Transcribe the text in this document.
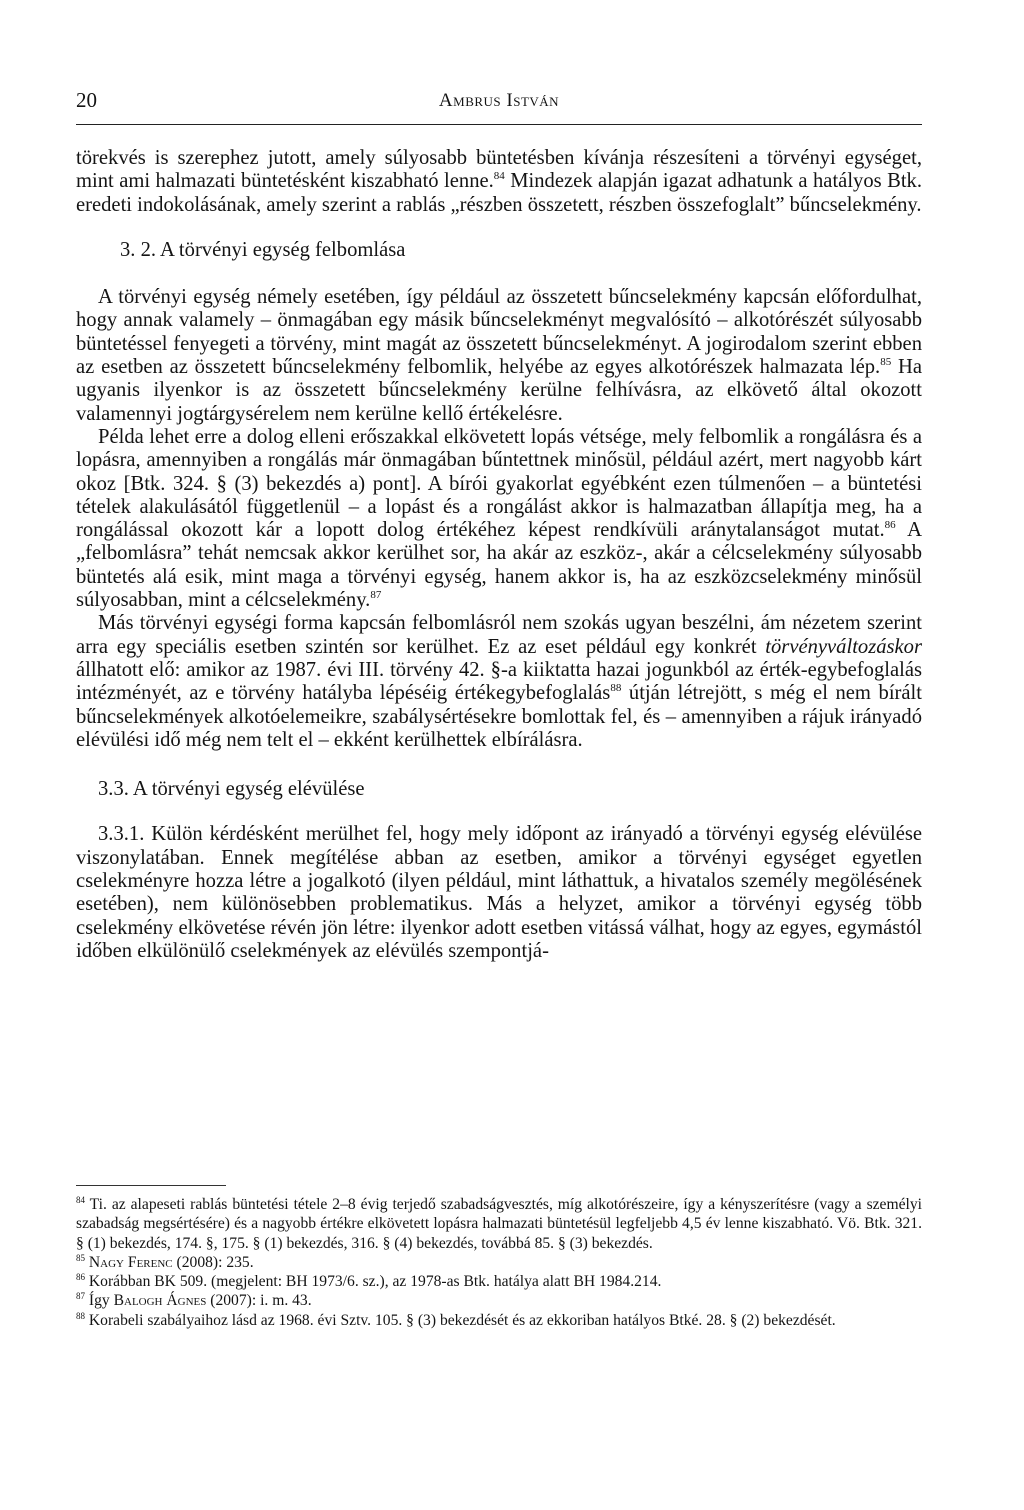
20	Ambrus István

törekvés is szerephez jutott, amely súlyosabb büntetésben kívánja részesíteni a törvényi egységet, mint ami halmazati büntetésként kiszabható lenne.$^{84}$ Mindezek alapján igazat adhatunk a hatályos Btk. eredeti indokolásának, amely szerint a rablás „részben összetett, részben összefoglalt” bűncselekmény.

3. 2. A törvényi egység felbomlása

A törvényi egység némely esetében, így például az összetett bűncselekmény kapcsán előfordulhat, hogy annak valamely – önmagában egy másik bűncselekményt megvalósító – alkotórészét súlyosabb büntetéssel fenyegeti a törvény, mint magát az összetett bűncselekményt. A jogirodalom szerint ebben az esetben az összetett bűncselekmény felbomlik, helyébe az egyes alkotórészek halmazata lép.$^{85}$ Ha ugyanis ilyenkor is az összetett bűncselekmény kerülne felhívásra, az elkövető által okozott valamennyi jogtárgysérelem nem kerülne kellő értékelésre.

Példa lehet erre a dolog elleni erőszakkal elkövetett lopás vétsége, mely felbomlik a rongálásra és a lopásra, amennyiben a rongálás már önmagában bűntettnek minősül, például azért, mert nagyobb kárt okoz [Btk. 324. § (3) bekezdés a) pont]. A bírói gyakorlat egyébként ezen túlmenően – a büntetési tételek alakulásától függetlenül – a lopást és a rongálást akkor is halmazatban állapítja meg, ha a rongálással okozott kár a lopott dolog értékéhez képest rendkívüli aránytalanságot mutat.$^{86}$ A „felbomlásra” tehát nemcsak akkor kerülhet sor, ha akár az eszköz-, akár a célcselekmény súlyosabb büntetés alá esik, mint maga a törvényi egység, hanem akkor is, ha az eszközcselekmény minősül súlyosabban, mint a célcselekmény.$^{87}$

Más törvényi egységi forma kapcsán felbomlásról nem szokás ugyan beszélni, ám nézetem szerint arra egy speciális esetben szintén sor kerülhet. Ez az eset például egy konkrét törvényváltozáskor állhatott elő: amikor az 1987. évi III. törvény 42. §-a kiiktatta hazai jogunkból az érték-egybefoglalás intézményét, az e törvény hatályba lépéséig értékegybefoglalás$^{88}$ útján létrejött, s még el nem bírált bűncselekmények alkotóelemeikre, szabálysértésekre bomlottak fel, és – amennyiben a rájuk irányadó elévülési idő még nem telt el – ekként kerülhettek elbírálásra.

3.3. A törvényi egység elévülése

3.3.1. Külön kérdésként merülhet fel, hogy mely időpont az irányadó a törvényi egység elévülése viszonylatában. Ennek megítélése abban az esetben, amikor a törvényi egységet egyetlen cselekményre hozza létre a jogalkotó (ilyen például, mint láthattuk, a hivatalos személy megölésének esetében), nem különösebben problematikus. Más a helyzet, amikor a törvényi egység több cselekmény elkövetése révén jön létre: ilyenkor adott esetben vitássá válhat, hogy az egyes, egymástól időben elkülönülő cselekmények az elévülés szempontjá-

$^{84}$ Ti. az alapeseti rablás büntetési tétele 2–8 évig terjedő szabadságvesztés, míg alkotórészeire, így a kényszerítésre (vagy a személyi szabadság megsértésére) és a nagyobb értékre elkövetett lopásra halmazati büntetésül legfeljebb 4,5 év lenne kiszabható. Vö. Btk. 321. § (1) bekezdés, 174. §, 175. § (1) bekezdés, 316. § (4) bekezdés, továbbá 85. § (3) bekezdés.

$^{85}$ Nagy Ferenc (2008): 235.

$^{86}$ Korábban BK 509. (megjelent: BH 1973/6. sz.), az 1978-as Btk. hatálya alatt BH 1984.214.

$^{87}$ Így Balogh Ágnes (2007): i. m. 43.

$^{88}$ Korabeli szabályaihoz lásd az 1968. évi Sztv. 105. § (3) bekezdését és az ekkoriban hatályos Btké. 28. § (2) bekezdését.
